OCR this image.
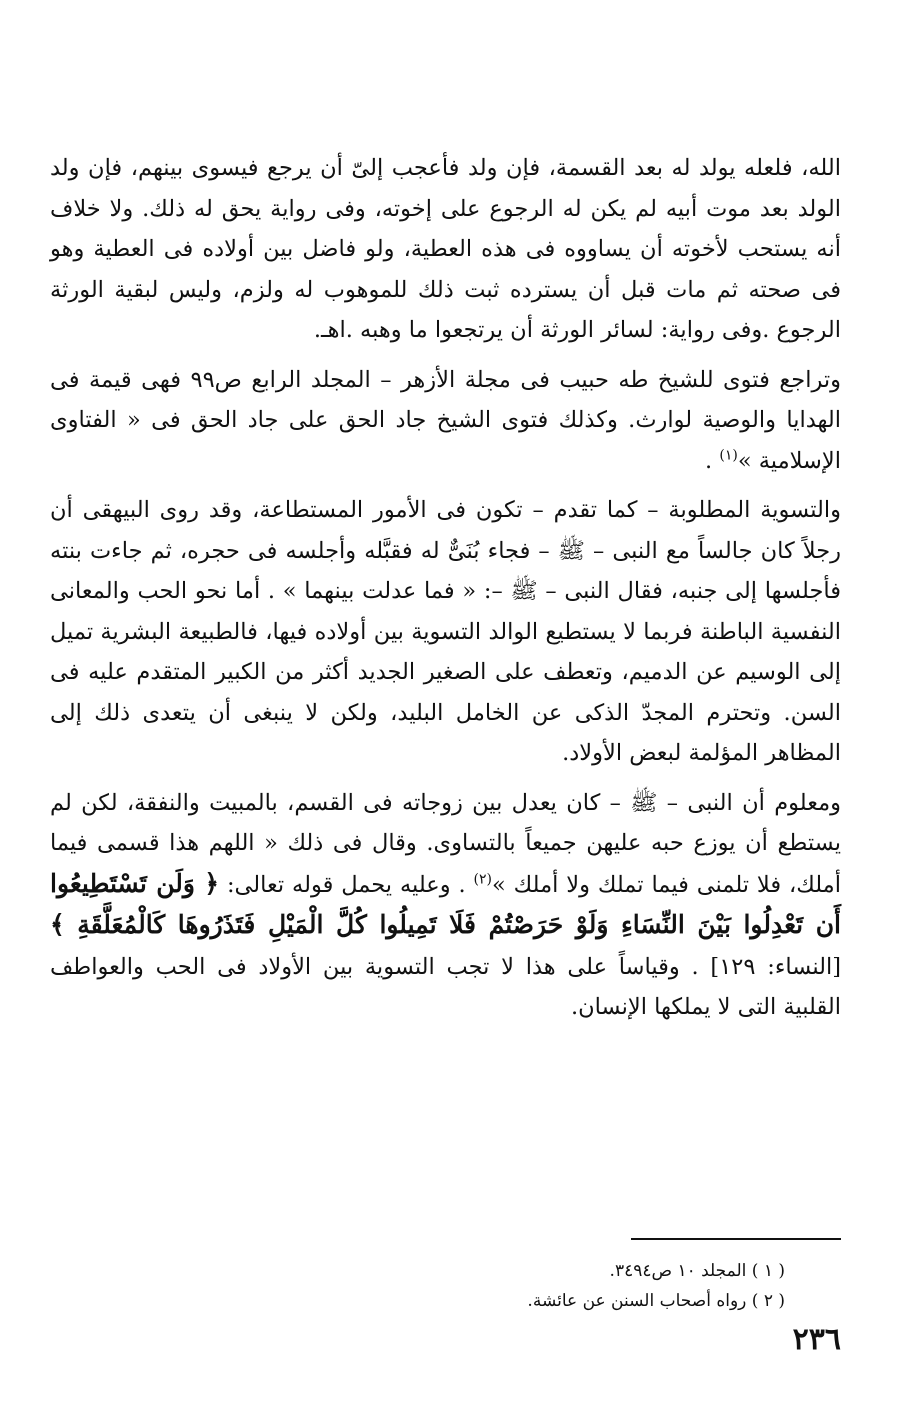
الله، فلعله يولد له بعد القسمة، فإن ولد فأعجب إلىّ أن يرجع فيسوى بينهم، فإن ولد الولد بعد موت أبيه لم يكن له الرجوع على إخوته، وفى رواية يحق له ذلك. ولا خلاف أنه يستحب لأخوته أن يساووه فى هذه العطية، ولو فاضل بين أولاده فى العطية وهو فى صحته ثم مات قبل أن يسترده ثبت ذلك للموهوب له ولزم، وليس لبقية الورثة الرجوع .وفى رواية: لسائر الورثة أن يرتجعوا ما وهبه .اهـ.

وتراجع فتوى للشيخ طه حبيب فى مجلة الأزهر – المجلد الرابع ص٩٩ فهى قيمة فى الهدايا والوصية لوارث. وكذلك فتوى الشيخ جاد الحق على جاد الحق فى « الفتاوى الإسلامية »$^{(١)}$ .

والتسوية المطلوبة – كما تقدم – تكون فى الأمور المستطاعة، وقد روى البيهقى أن رجلاً كان جالساً مع النبى – ﷺ – فجاء بُنَىٌّ له فقبَّله وأجلسه فى حجره، ثم جاءت بنته فأجلسها إلى جنبه، فقال النبى – ﷺ –: « فما عدلت بينهما » . أما نحو الحب والمعانى النفسية الباطنة فربما لا يستطيع الوالد التسوية بين أولاده فيها، فالطبيعة البشرية تميل إلى الوسيم عن الدميم، وتعطف على الصغير الجديد أكثر من الكبير المتقدم عليه فى السن. وتحترم المجدّ الذكى عن الخامل البليد، ولكن لا ينبغى أن يتعدى ذلك إلى المظاهر المؤلمة لبعض الأولاد.

ومعلوم أن النبى – ﷺ – كان يعدل بين زوجاته فى القسم، بالمبيت والنفقة، لكن لم يستطع أن يوزع حبه عليهن جميعاً بالتساوى. وقال فى ذلك « اللهم هذا قسمى فيما أملك، فلا تلمنى فيما تملك ولا أملك »$^{(٢)}$ . وعليه يحمل قوله تعالى: ﴿ وَلَن تَسْتَطِيعُوا أَن تَعْدِلُوا بَيْنَ النِّسَاءِ وَلَوْ حَرَصْتُمْ فَلَا تَمِيلُوا كُلَّ الْمَيْلِ فَتَذَرُوهَا كَالْمُعَلَّقَةِ ﴾ [النساء: ١٢٩] . وقياساً على هذا لا تجب التسوية بين الأولاد فى الحب والعواطف القلبية التى لا يملكها الإنسان.

( ١ ) المجلد ١٠ ص٣٤٩٤.

( ٢ ) رواه أصحاب السنن عن عائشة.

٢٣٦
